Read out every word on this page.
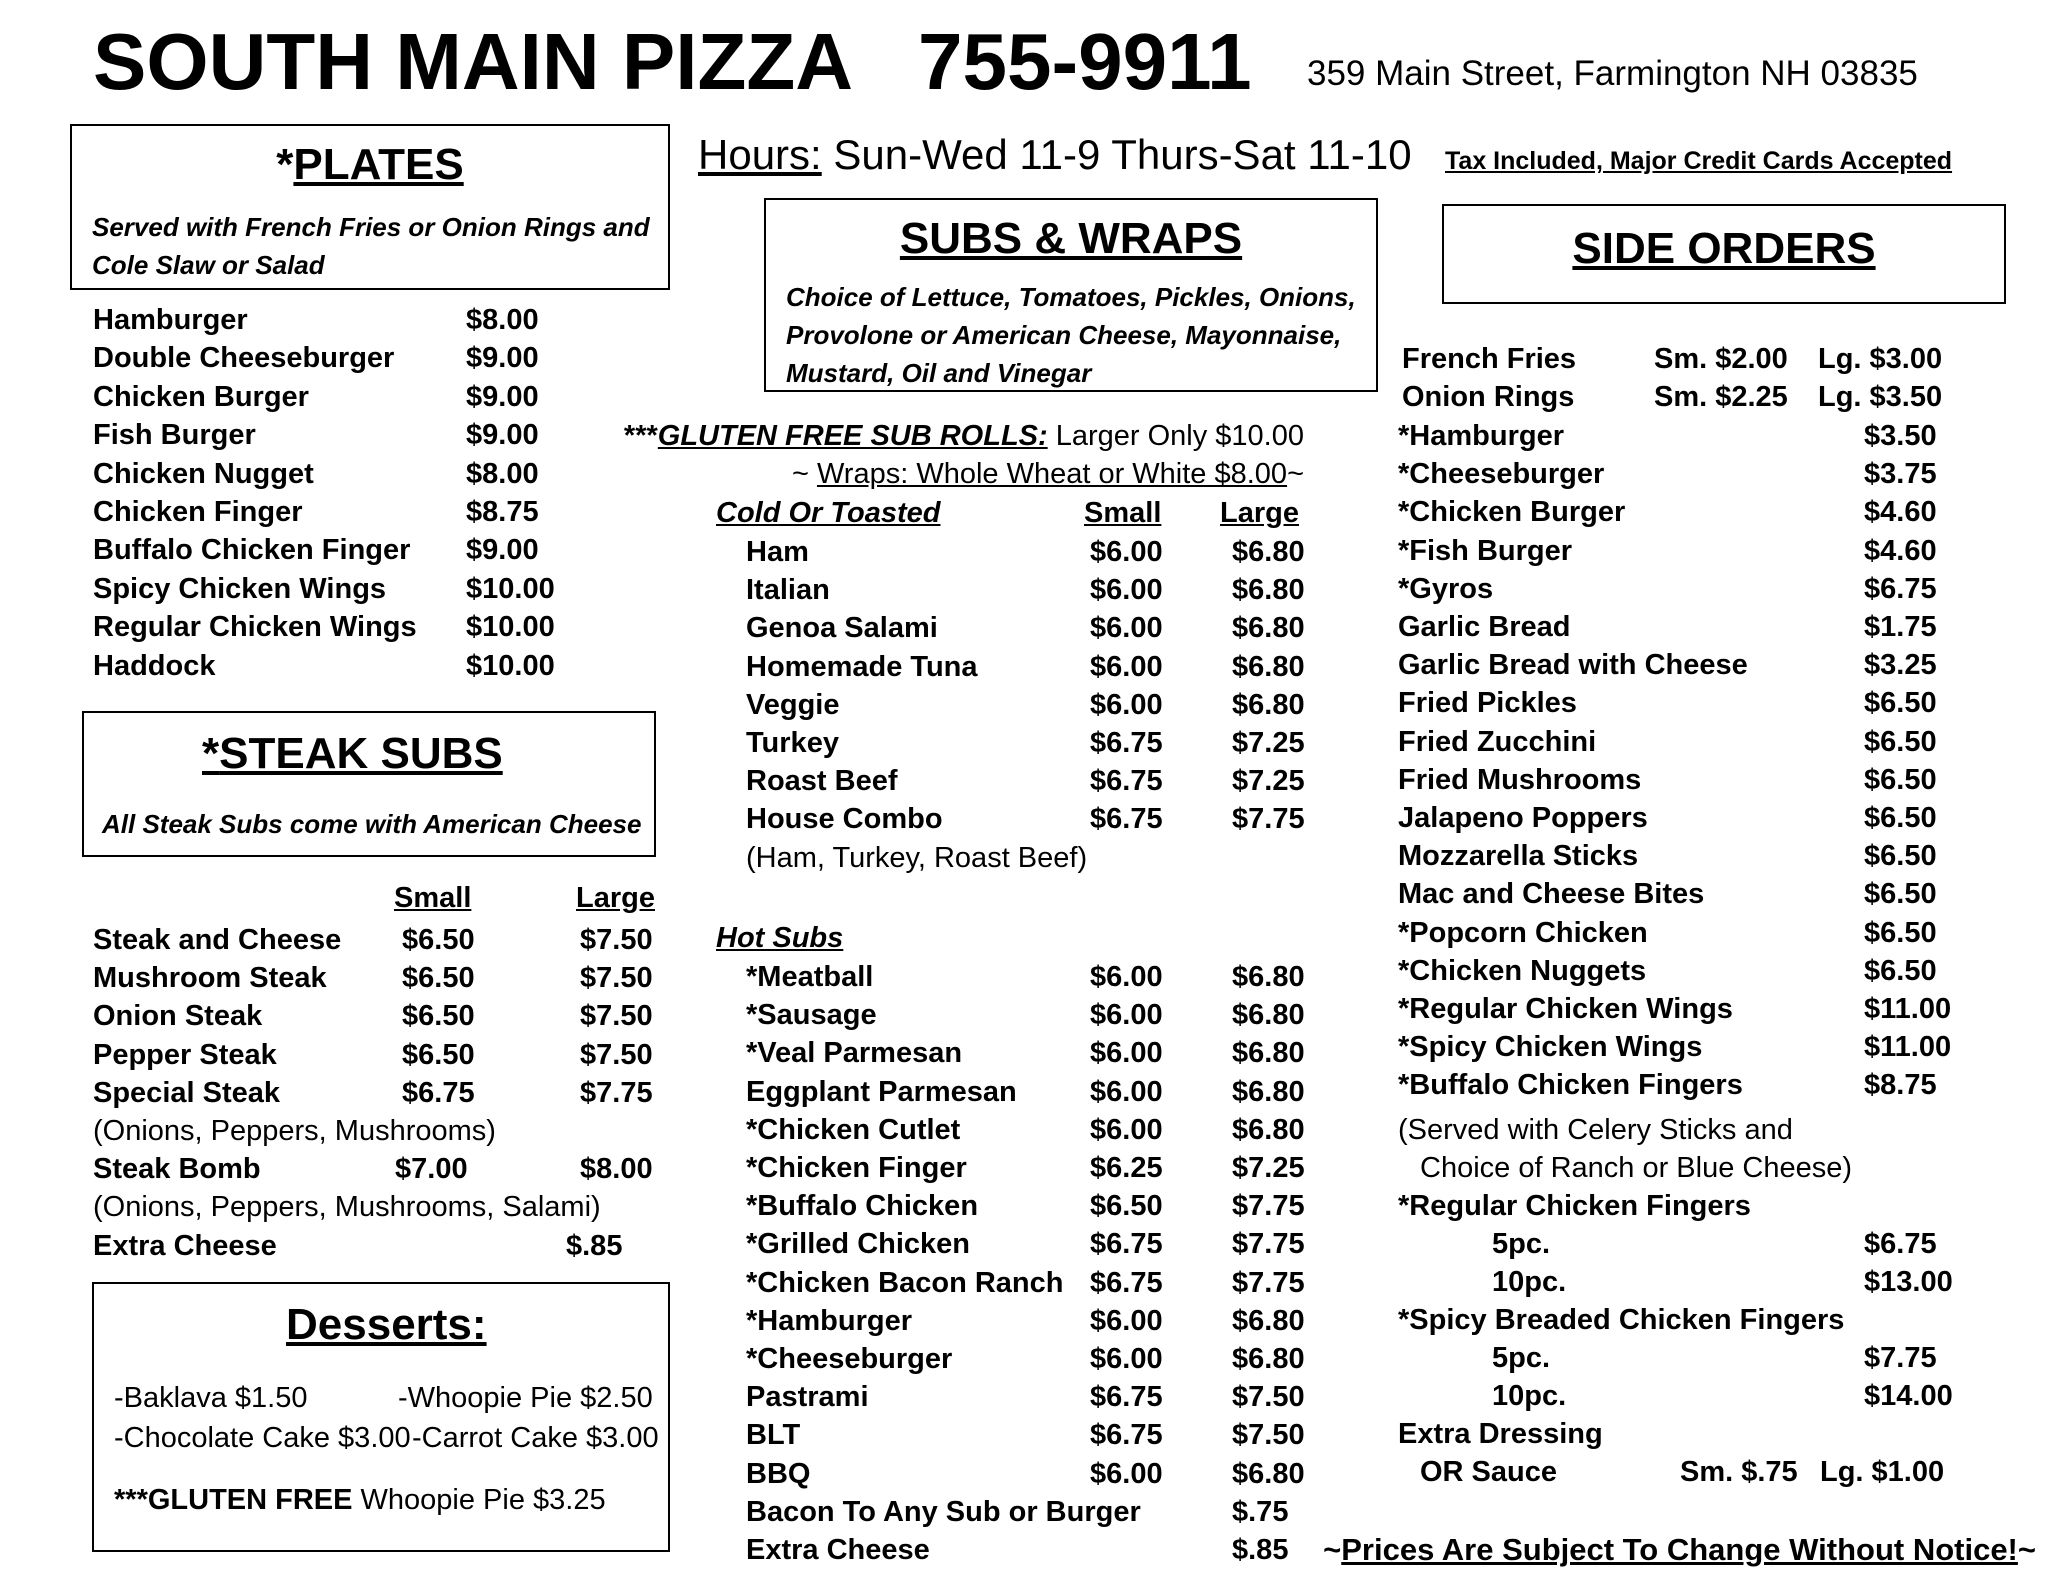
SOUTH MAIN PIZZA 755-9911 359 Main Street, Farmington NH 03835
Hours: Sun-Wed 11-9 Thurs-Sat 11-10 Tax Included, Major Credit Cards Accepted
*PLATES
Served with French Fries or Onion Rings and
Cole Slaw or Salad
Hamburger	$8.00
Double Cheeseburger $9.00
Chicken Burger	$9.00
Fish Burger	$9.00
Chicken Nugget	$8.00
Chicken Finger	$8.75
Buffalo Chicken Finger $9.00
Spicy Chicken Wings	$10.00
Regular Chicken Wings $10.00
Haddock	$10.00
*STEAK SUBS
All Steak Subs come with American Cheese
Small	Large
Steak and Cheese $6.50	$7.50
Mushroom Steak	$6.50	$7.50
Onion Steak	$6.50	$7.50
Pepper Steak	$6.50	$7.50
Special Steak	$6.75	$7.75
(Onions, Peppers, Mushrooms)
Steak Bomb	$7.00	$8.00
(Onions, Peppers, Mushrooms, Salami)
Extra Cheese	$.85
Desserts:
-Baklava $1.50	-Whoopie Pie $2.50
-Chocolate Cake $3.00 -Carrot Cake $3.00
***GLUTEN FREE Whoopie Pie $3.25
SUBS & WRAPS
Choice of Lettuce, Tomatoes, Pickles, Onions,
Provolone or American Cheese, Mayonnaise,
Mustard, Oil and Vinegar
***GLUTEN FREE SUB ROLLS: Larger Only $10.00
~ Wraps: Whole Wheat or White $8.00~
Cold Or Toasted	Small Large
Ham	$6.00 $6.80
Italian	$6.00 $6.80
Genoa Salami	$6.00 $6.80
Homemade Tuna	$6.00 $6.80
Veggie	$6.00 $6.80
Turkey	$6.75 $7.25
Roast Beef	$6.75 $7.25
House Combo	$6.75 $7.75
(Ham, Turkey, Roast Beef)
Hot Subs
*Meatball	$6.00 $6.80
*Sausage	$6.00 $6.80
*Veal Parmesan	$6.00 $6.80
Eggplant Parmesan	$6.00 $6.80
*Chicken Cutlet	$6.00 $6.80
*Chicken Finger	$6.25 $7.25
*Buffalo Chicken	$6.50 $7.75
*Grilled Chicken	$6.75 $7.75
*Chicken Bacon Ranch $6.75 $7.75
*Hamburger	$6.00 $6.80
*Cheeseburger	$6.00 $6.80
Pastrami	$6.75 $7.50
BLT	$6.75 $7.50
BBQ	$6.00 $6.80
Bacon To Any Sub or Burger	$.75
Extra Cheese	$.85
SIDE ORDERS
French Fries	Sm. $2.00 Lg. $3.00
Onion Rings	Sm. $2.25 Lg. $3.50
*Hamburger	$3.50
*Cheeseburger	$3.75
*Chicken Burger	$4.60
*Fish Burger	$4.60
*Gyros	$6.75
Garlic Bread	$1.75
Garlic Bread with Cheese	$3.25
Fried Pickles	$6.50
Fried Zucchini	$6.50
Fried Mushrooms	$6.50
Jalapeno Poppers	$6.50
Mozzarella Sticks	$6.50
Mac and Cheese Bites	$6.50
*Popcorn Chicken	$6.50
*Chicken Nuggets	$6.50
*Regular Chicken Wings	$11.00
*Spicy Chicken Wings	$11.00
*Buffalo Chicken Fingers	$8.75
(Served with Celery Sticks and
Choice of Ranch or Blue Cheese)
*Regular Chicken Fingers
5pc.	$6.75
10pc.	$13.00
*Spicy Breaded Chicken Fingers
5pc.	$7.75
10pc.	$14.00
Extra Dressing
OR Sauce	Sm. $.75 Lg. $1.00
~Prices Are Subject To Change Without Notice!~
